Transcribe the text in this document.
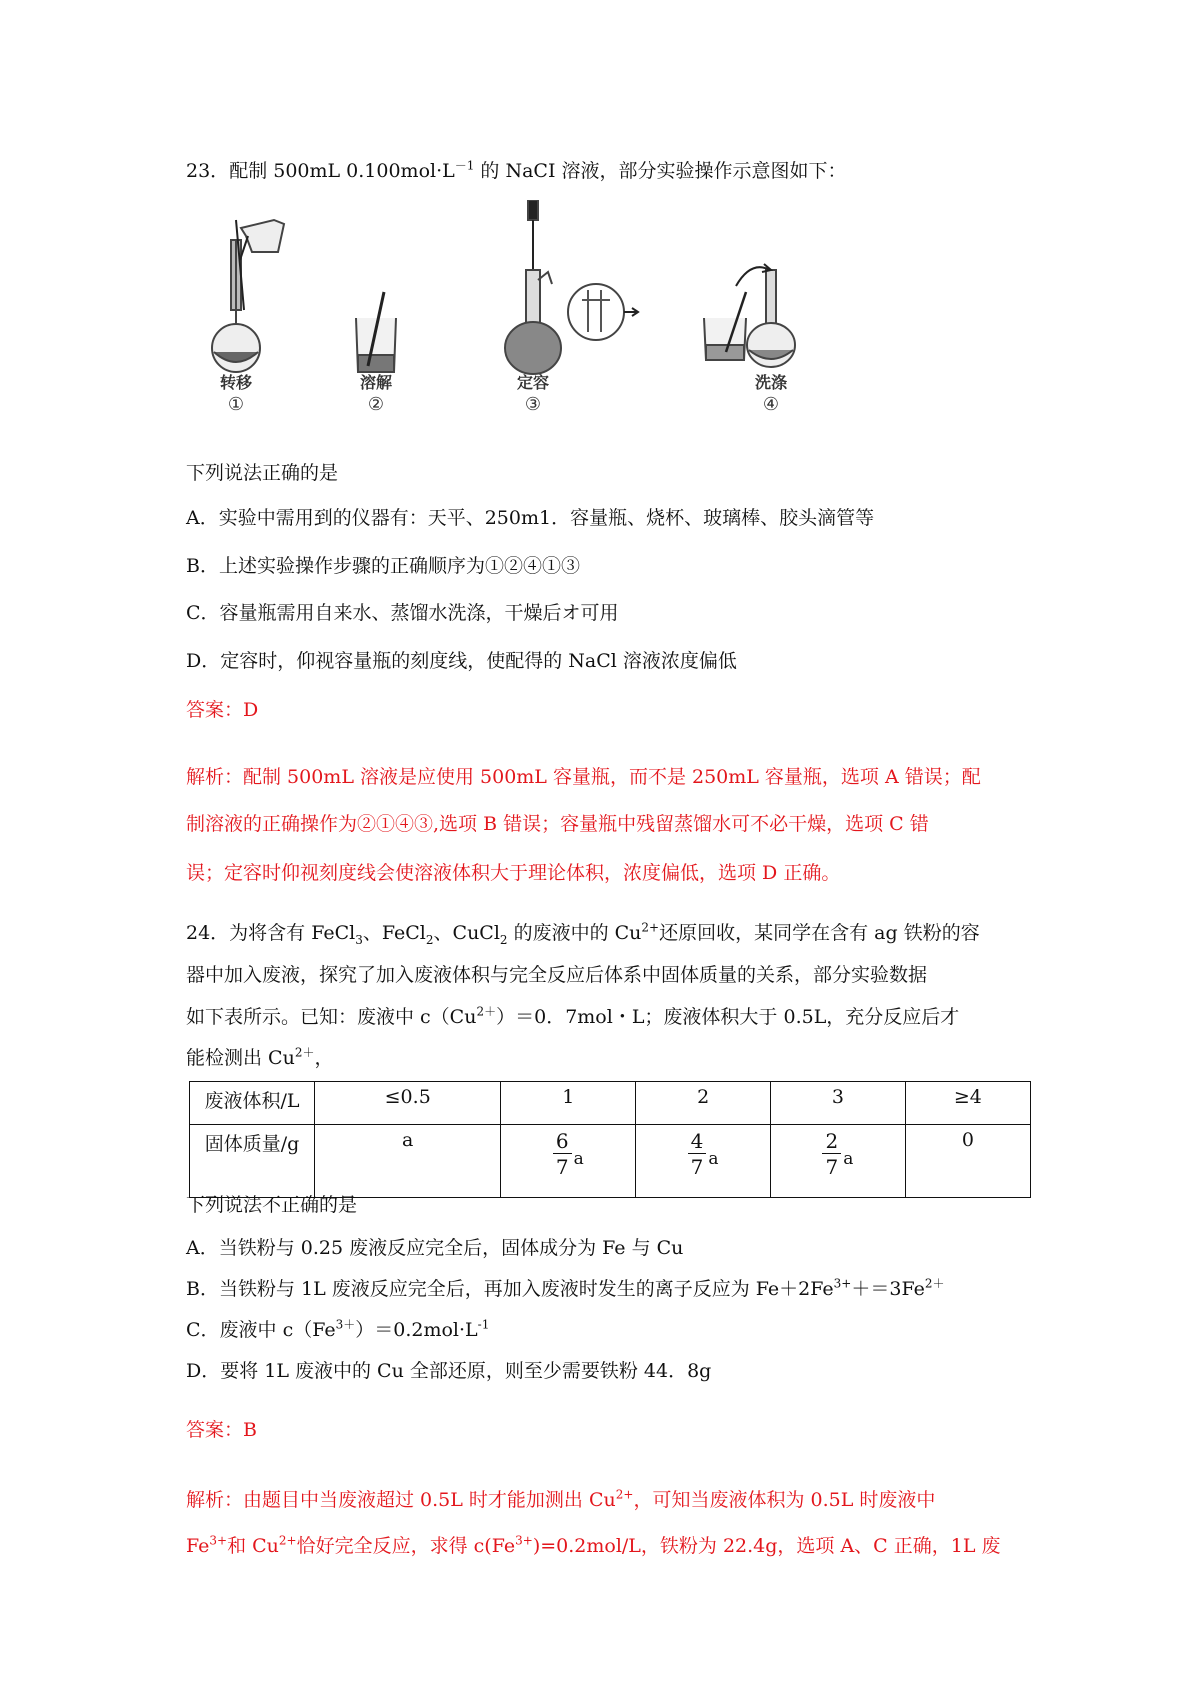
23．配制 500mL $0.100mol\cdot L^{-1}$ 的 NaCI 溶液，部分实验操作示意图如下：
转移	溶解	定容	洗涤
①	②	③	④
下列说法正确的是
A．实验中需用到的仪器有：天平、250m1．容量瓶、烧杯、玻璃棒、胶头滴管等
B．上述实验操作步骤的正确顺序为①②④①③
C．容量瓶需用自来水、蒸馏水洗涤，干燥后オ可用
D．定容时，仰视容量瓶的刻度线，使配得的 NaCl 溶液浓度偏低
答案：D
解析：配制 500mL 溶液是应使用 500mL 容量瓶，而不是 250mL 容量瓶，选项 A 错误；配
制溶液的正确操作为②①④③,选项 B 错误；容量瓶中残留蒸馏水可不必干燥，选项 C 错
误；定容时仰视刻度线会使溶液体积大于理论体积，浓度偏低，选项 D 正确。
24．为将含有 FeCl$_3$、FeCl$_2$、CuCl$_2$ 的废液中的 $Cu^{2+}$还原回收，某同学在含有 ag 铁粉的容
器中加入废液，探究了加入废液体积与完全反应后体系中固体质量的关系，部分实验数据
如下表所示。已知：废液中 $c(Cu^{2+})=0$．7mol・L；废液体积大于 0.5L，充分反应后才
能检测出 $Cu^{2+}$，
废液体积/L	≤0.5	1	2	3	≥4
固体质量/g	a	$\frac{6}{7}$ a	$\frac{4}{7}$ a	$\frac{2}{7}$ a	0
下列说法不正确的是
A．当铁粉与 0.25 废液反应完全后，固体成分为 Fe 与 Cu
B．当铁粉与 1L 废液反应完全后，再加入废液时发生的离子反应为 $Fe+2Fe^{3+}+=3Fe^{2+}$
C．废液中 $c(Fe^{3+})=0.2mol\cdot L^{-1}$
D．要将 1L 废液中的 Cu 全部还原，则至少需要铁粉 44．8g
答案：B
解析：由题目中当废液超过 0.5L 时才能加测出 $Cu^{2+}$，可知当废液体积为 0.5L 时废液中
$Fe^{3+}$和 $Cu^{2+}$恰好完全反应，求得 $c(Fe^{3+})=0.2mol/L$，铁粉为 22.4g，选项 A、C 正确，1L 废
